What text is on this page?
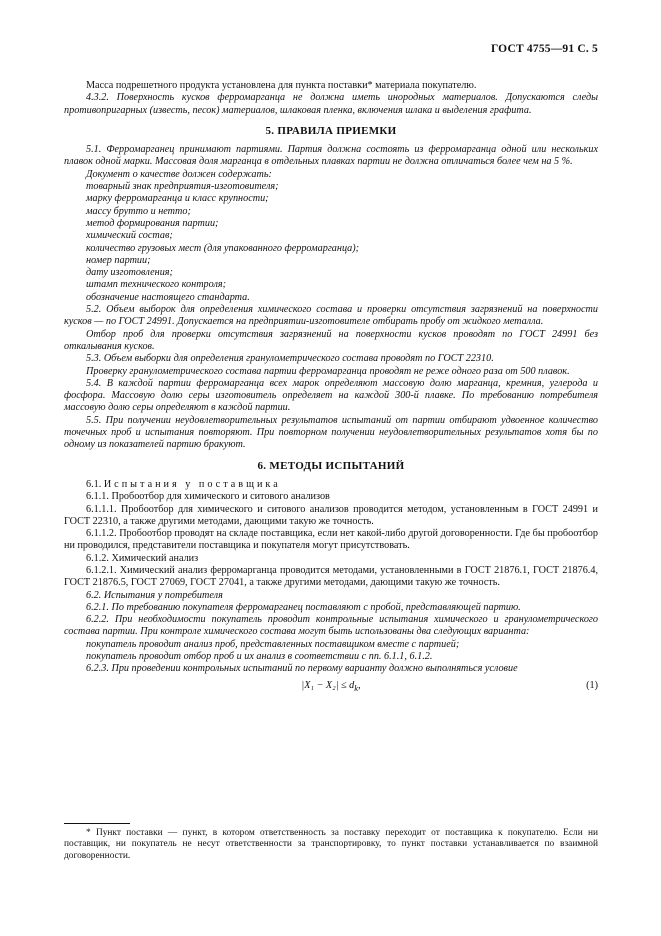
ГОСТ 4755—91 С. 5

Масса подрешетного продукта установлена для пункта поставки* материала покупателю.

4.3.2. Поверхность кусков ферромарганца не должна иметь инородных материалов. Допускаются следы противопригарных (известь, песок) материалов, шлаковая пленка, включения шлака и выделения графита.

5. ПРАВИЛА ПРИЕМКИ

5.1. Ферромарганец принимают партиями. Партия должна состоять из ферромарганца одной или нескольких плавок одной марки. Массовая доля марганца в отдельных плавках партии не должна отличаться более чем на 5 %.

Документ о качестве должен содержать:

товарный знак предприятия-изготовителя;

марку ферромарганца и класс крупности;

массу брутто и нетто;

метод формирования партии;

химический состав;

количество грузовых мест (для упакованного ферромарганца);

номер партии;

дату изготовления;

штамп технического контроля;

обозначение настоящего стандарта.

5.2. Объем выборок для определения химического состава и проверки отсутствия загрязнений на поверхности кусков — по ГОСТ 24991. Допускается на предприятии-изготовителе отбирать пробу от жидкого металла.

Отбор проб для проверки отсутствия загрязнений на поверхности кусков проводят по ГОСТ 24991 без откалывания кусков.

5.3. Объем выборки для определения гранулометрического состава проводят по ГОСТ 22310.

Проверку гранулометрического состава партии ферромарганца проводят не реже одного раза от 500 плавок.

5.4. В каждой партии ферромарганца всех марок определяют массовую долю марганца, кремния, углерода и фосфора. Массовую долю серы изготовитель определяет на каждой 300-й плавке. По требованию потребителя массовую долю серы определяют в каждой партии.

5.5. При получении неудовлетворительных результатов испытаний от партии отбирают удвоенное количество точечных проб и испытания повторяют. При повторном получении неудовлетворительных результатов хотя бы по одному из показателей партию бракуют.

6. МЕТОДЫ ИСПЫТАНИЙ

6.1. Испытания у поставщика

6.1.1. Пробоотбор для химического и ситового анализов

6.1.1.1. Пробоотбор для химического и ситового анализов проводится методом, установленным в ГОСТ 24991 и ГОСТ 22310, а также другими методами, дающими такую же точность.

6.1.1.2. Пробоотбор проводят на складе поставщика, если нет какой-либо другой договоренности. Где бы пробоотбор ни проводился, представители поставщика и покупателя могут присутствовать.

6.1.2. Химический анализ

6.1.2.1. Химический анализ ферромарганца проводится методами, установленными в ГОСТ 21876.1, ГОСТ 21876.4, ГОСТ 21876.5, ГОСТ 27069, ГОСТ 27041, а также другими методами, дающими такую же точность.

6.2. Испытания у потребителя

6.2.1. По требованию покупателя ферромарганец поставляют с пробой, представляющей партию.

6.2.2. При необходимости покупатель проводит контрольные испытания химического и гранулометрического состава партии. При контроле химического состава могут быть использованы два следующих варианта:

покупатель проводит анализ проб, представленных поставщиком вместе с партией;

покупатель проводит отбор проб и их анализ в соответствии с пп. 6.1.1, 6.1.2.

6.2.3. При проведении контрольных испытаний по первому варианту должно выполняться условие

$|X_1 - X_2| \le d_k$,	(1)

* Пункт поставки — пункт, в котором ответственность за поставку переходит от поставщика к покупателю. Если ни поставщик, ни покупатель не несут ответственности за транспортировку, то пункт поставки устанавливается по взаимной договоренности.
